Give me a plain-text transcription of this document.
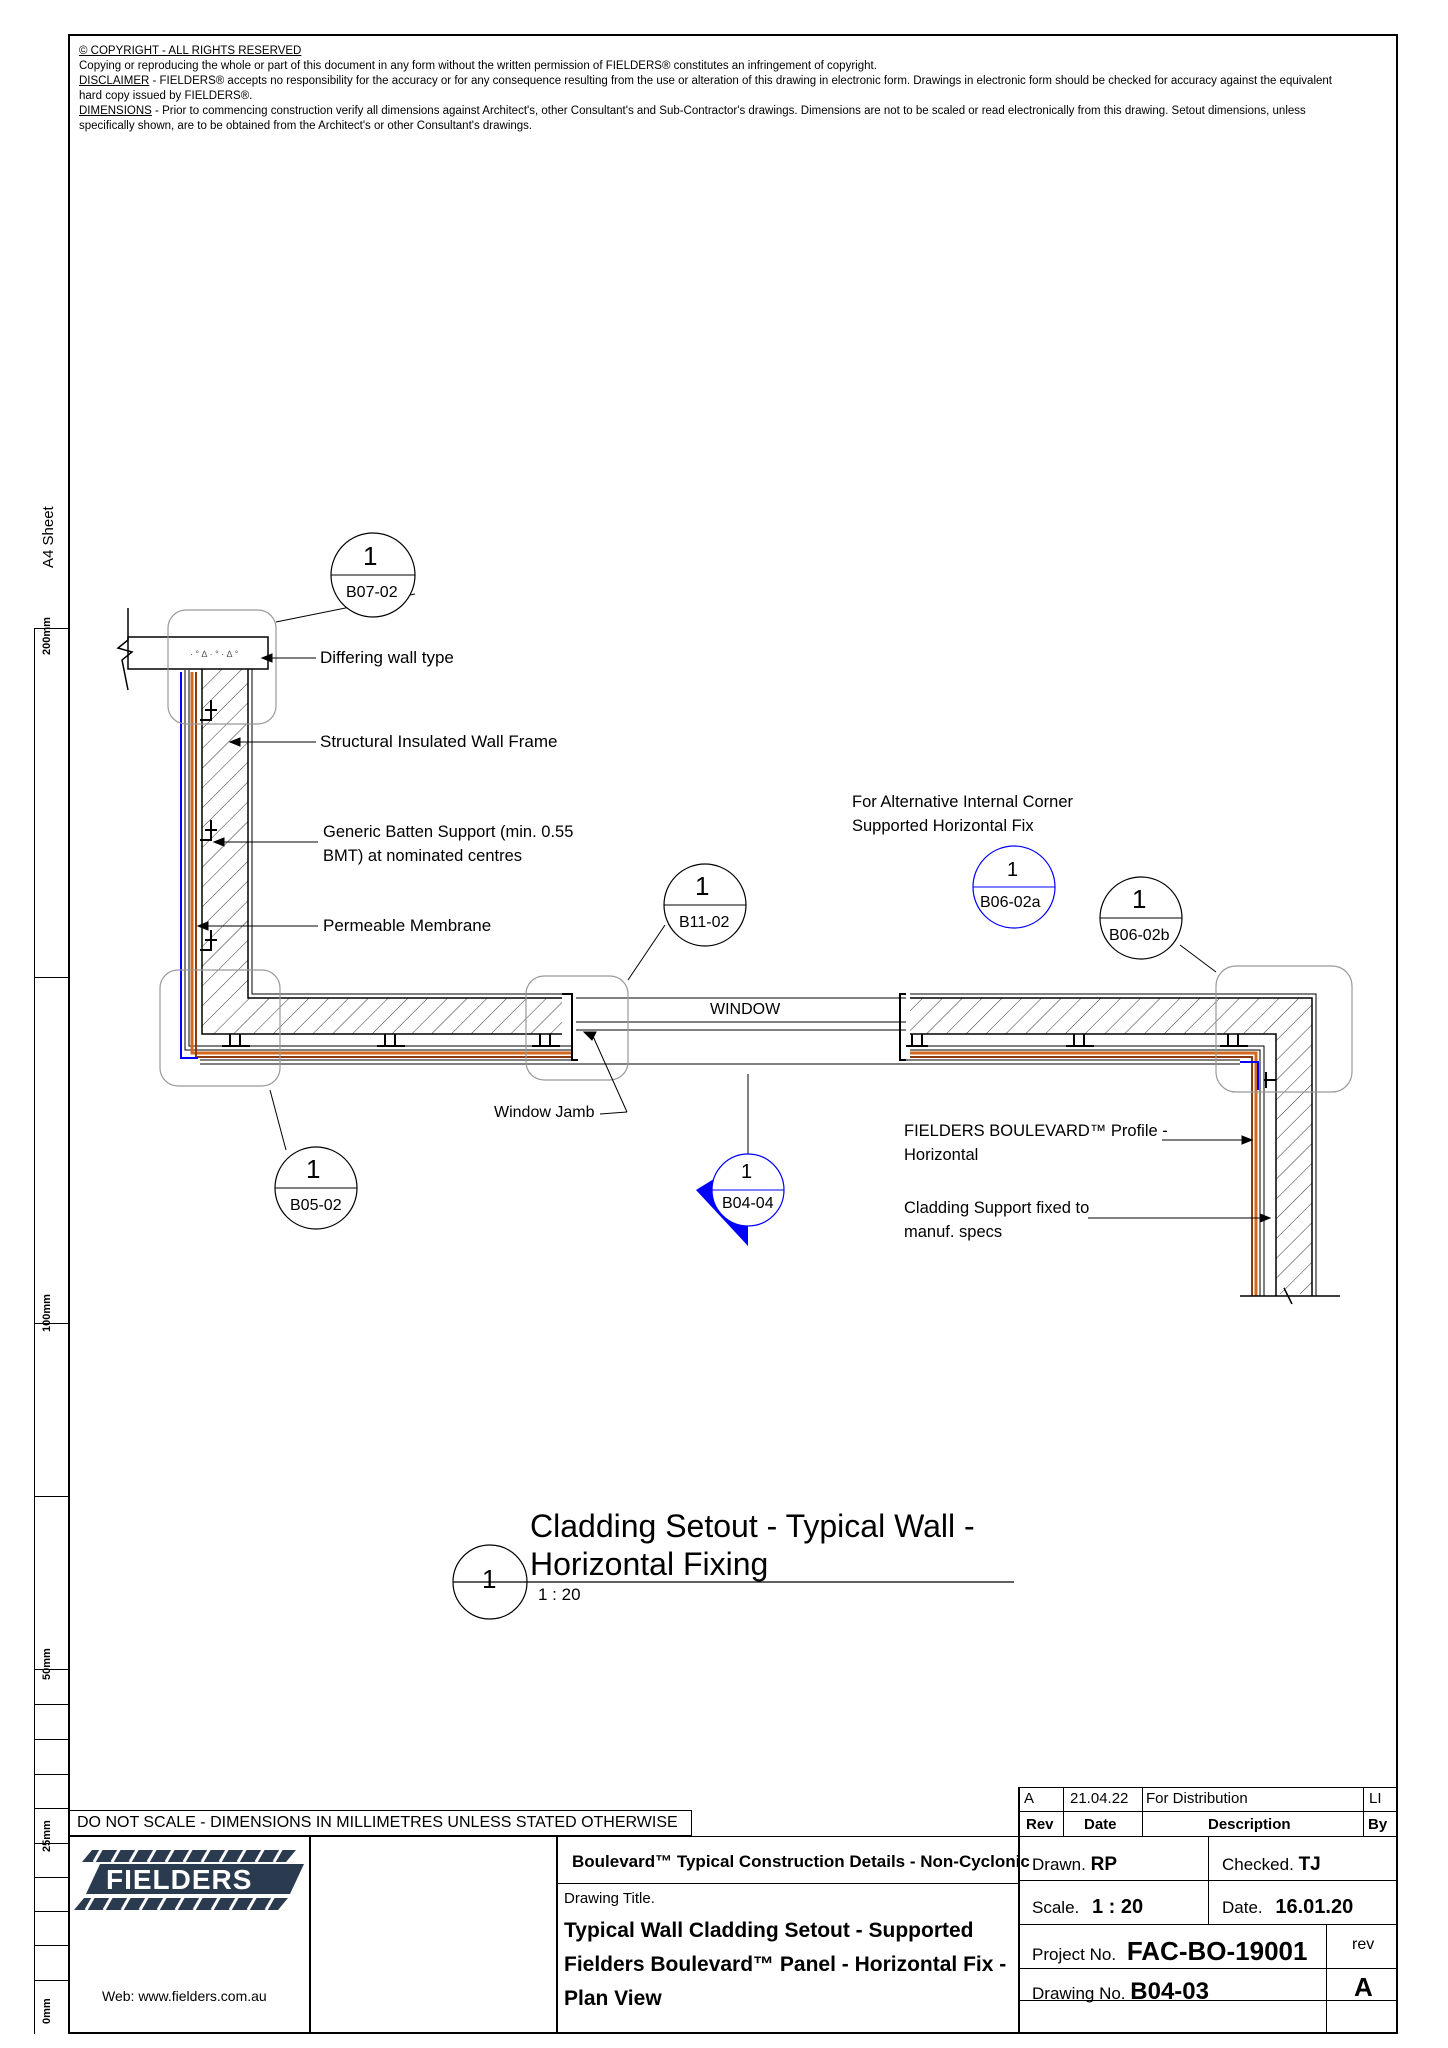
A4 Sheet
200mm
100mm
50mm
25mm
0mm
© COPYRIGHT - ALL RIGHTS RESERVED
Copying or reproducing the whole or part of this document in any form without the written permission of FIELDERS® constitutes an infringement of copyright.
DISCLAIMER - FIELDERS® accepts no responsibility for the accuracy or for any consequence resulting from the use or alteration of this drawing in electronic form. Drawings in electronic form should be checked for accuracy against the equivalent hard copy issued by FIELDERS®.
DIMENSIONS - Prior to commencing construction verify all dimensions against Architect's, other Consultant's and Sub-Contractor's drawings. Dimensions are not to be scaled or read electronically from this drawing. Setout dimensions, unless specifically shown, are to be obtained from the Architect's or other Consultant's drawings.
· ° ∆ · ° · ∆ °
1
B07-02
1
B11-02
1
B06-02a	1
B06-02b
1
B05-02
1
B04-04
Differing wall type
Structural Insulated Wall Frame
Generic Batten Support (min. 0.55
BMT) at nominated centres
Permeable Membrane
For Alternative Internal Corner
Supported Horizontal Fix
WINDOW
Window Jamb
FIELDERS BOULEVARD™ Profile -
Horizontal
Cladding Support fixed to
manuf. specs
1
Cladding Setout - Typical Wall -
Horizontal Fixing
1 : 20
DO NOT SCALE - DIMENSIONS IN MILLIMETRES UNLESS STATED OTHERWISE
FIELDERS
Web: www.fielders.com.au
Boulevard™ Typical Construction Details - Non-Cyclonic
Drawing Title.
Typical Wall Cladding Setout - Supported
Fielders Boulevard™ Panel - Horizontal Fix -
Plan View
A 21.04.22 For Distribution	LI
Rev Date	Description	By
Drawn. RP	Checked. TJ
Scale. 1 : 20	Date. 16.01.20
Project No. FAC-BO-19001	rev
Drawing No. B04-03	A
